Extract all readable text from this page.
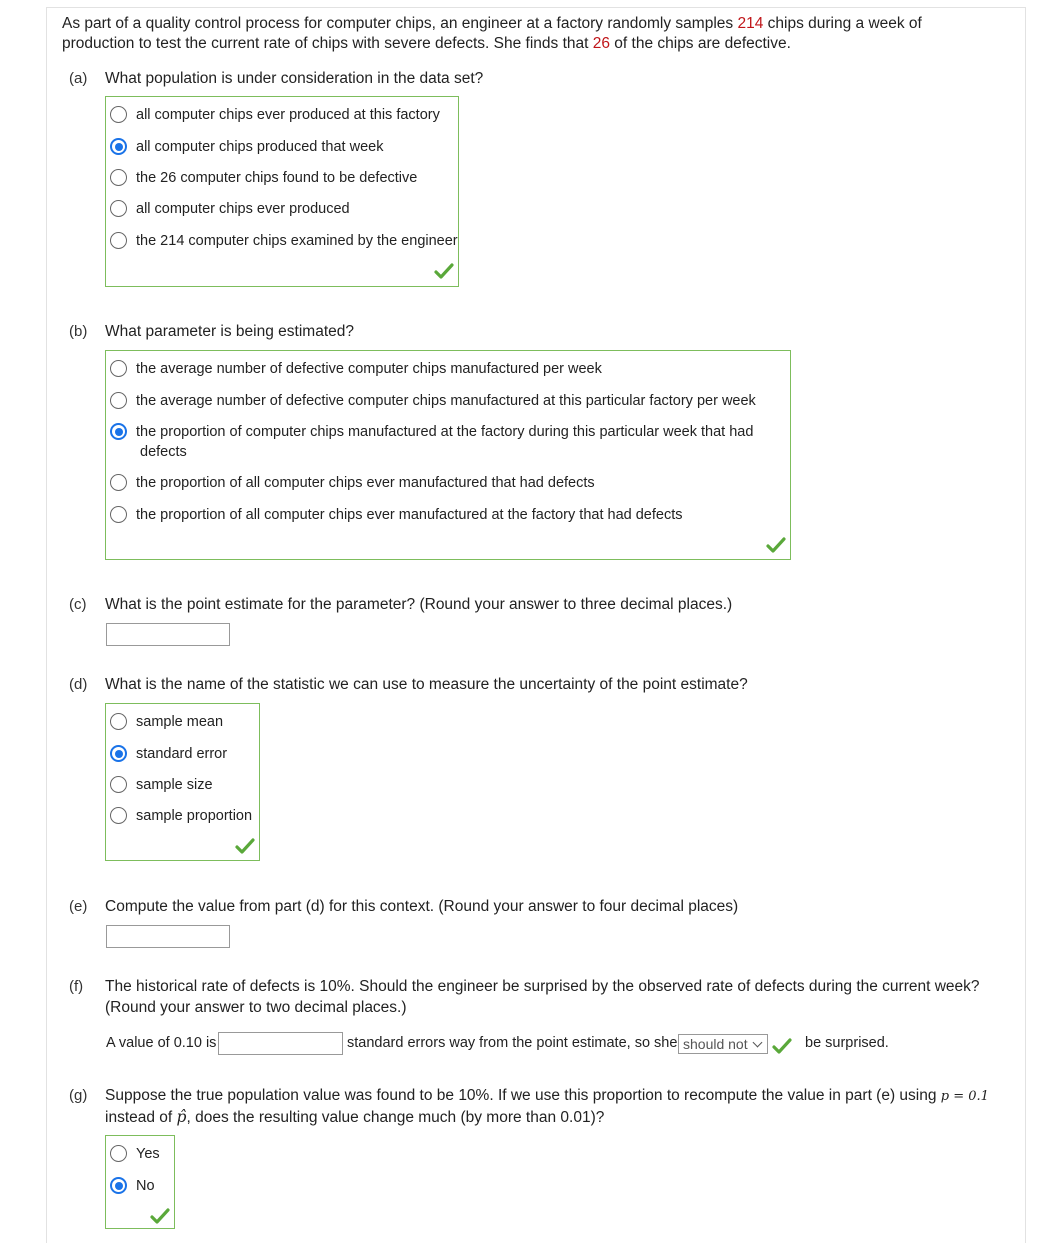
As part of a quality control process for computer chips, an engineer at a factory randomly samples 214 chips during a week of production to test the current rate of chips with severe defects. She finds that 26 of the chips are defective.
(a) What population is under consideration in the data set?
all computer chips ever produced at this factory
all computer chips produced that week
the 26 computer chips found to be defective
all computer chips ever produced
the 214 computer chips examined by the engineer
(b) What parameter is being estimated?
the average number of defective computer chips manufactured per week
the average number of defective computer chips manufactured at this particular factory per week
the proportion of computer chips manufactured at the factory during this particular week that had
defects
the proportion of all computer chips ever manufactured that had defects
the proportion of all computer chips ever manufactured at the factory that had defects
(c) What is the point estimate for the parameter? (Round your answer to three decimal places.)
(d) What is the name of the statistic we can use to measure the uncertainty of the point estimate?
sample mean
standard error
sample size
sample proportion
(e) Compute the value from part (d) for this context. (Round your answer to four decimal places)
(f) The historical rate of defects is 10%. Should the engineer be surprised by the observed rate of defects during the current week?
(Round your answer to two decimal places.)
A value of 0.10 is	standard errors way from the point estimate, so she should not	be surprised.
(g) Suppose the true population value was found to be 10%. If we use this proportion to recompute the value in part (e) using p = 0.1
instead of p̂, does the resulting value change much (by more than 0.01)?
Yes
No
